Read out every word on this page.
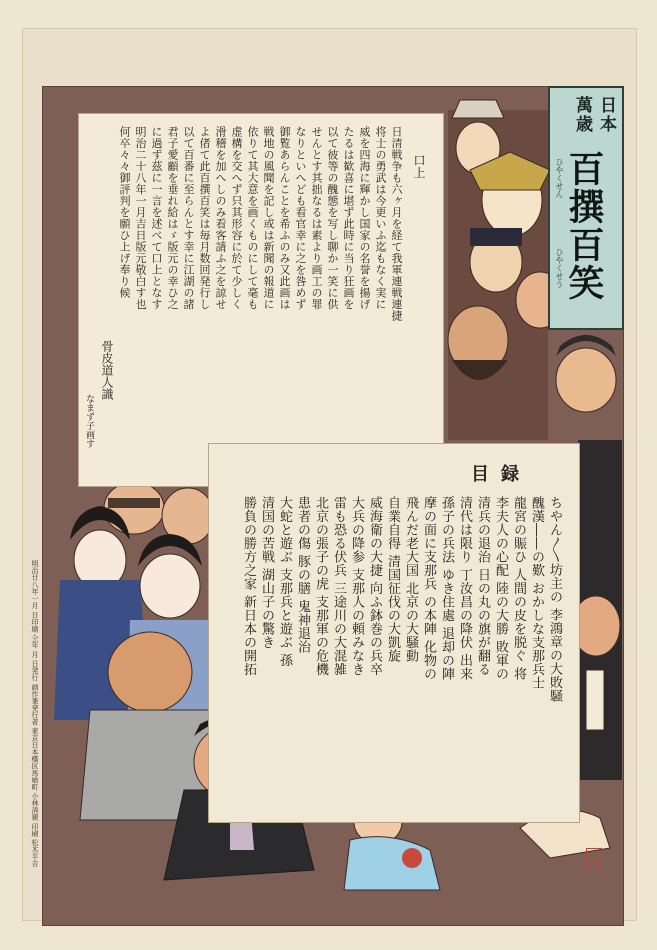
口上
日清戦争も六ヶ月を経て我軍連戦連捷
将士の勇武は今更いふ迄もなく実に
威を四海に輝かし国家の名誉を揚げ
たるは歓喜に堪ず此時に当り狂画を
以て彼等の醜態を写し聊か一笑に供
せんとす其拙なるは素より画工の罪
なりといへども看官幸に之を咎めず
御覧あらんことを希ふのみ又此画は
戦地の風聞を記し或は新聞の報道に
依りて其大意を画くものにして毫も
虚構を交へず只其形容に於て少しく
滑稽を加へしのみ看客請ふ之を諒せ
よ偖て此百撰百笑は毎月数回発行し
以て百番に至らんとす幸に江湖の諸
君子愛顧を垂れ給はゞ版元の幸ひ之
に過ず茲に一言を述べて口上となす
明治二十八年一月吉日版元敬白す也
何卒々々御評判を願ひ上げ奉り候
骨皮道人識
なまず子画す
日本
萬歳
百撰百笑
ひやくせん
ひやくせう
目録
ちやん〳〵坊主の 李鴻章の大敗騒
醜漢――の歎 おかしな支那兵士
龍宮の賑ひ 人間の皮を脱ぐ 将
李夫人の心配 陸の大勝 敗軍の
清兵の退治 日の丸の旗が翻る
清代は限り 丁汝昌の降伏 出来
孫子の兵法 ゆき住處 退却の陣
摩の面に支那兵 の本陣 化物の
飛んだ老大国 北京の大騒動
自業自得 清国征伐の大凱旋
威海衛の大捷 向ふ鉢巻の兵卒
大兵の降参 支那人の頼みなき
雷も恐る伏兵 三途川の大混雑
北京の張子の虎 支那軍の危機
患者の傷 豚の膳 鬼神退治
大蛇と遊ぶ 支那兵と遊ぶ 孫
清国の苦戦 湖山子の驚き
勝負の勝方之家 新日本の開拓
明治廿八年一月 日印刷 仝年 月 日発行 画作兼発行者 東京日本橋区馬喰町 小林清親 印刷 松木平吉	清親
